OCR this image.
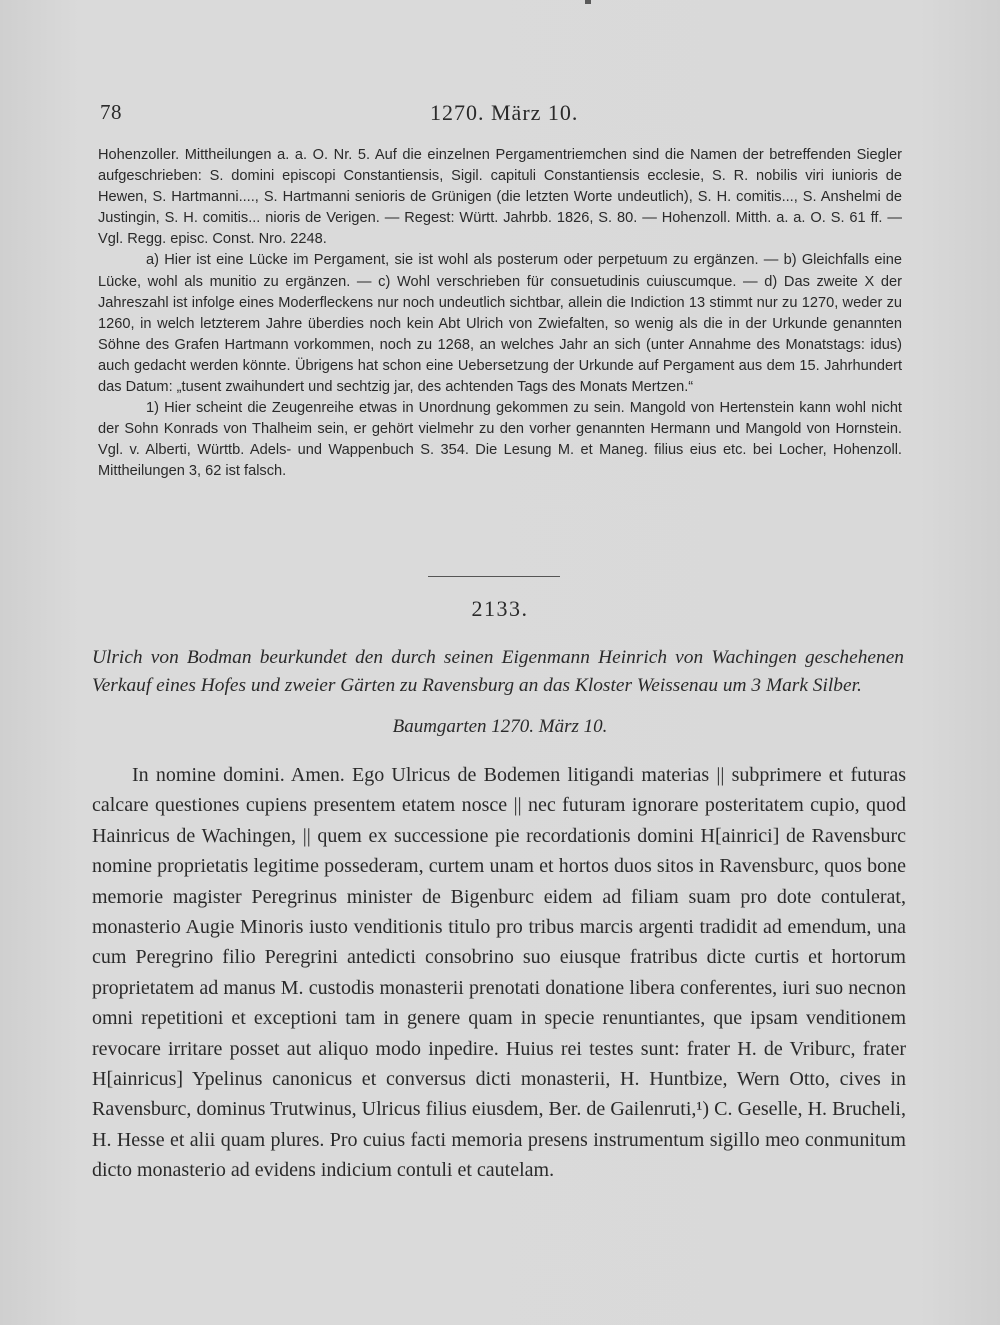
78	1270. März 10.

Hohenzoller. Mittheilungen a. a. O. Nr. 5. Auf die einzelnen Pergamentriemchen sind die Namen der betreffenden Siegler aufgeschrieben: S. domini episcopi Constantiensis, Sigil. capituli Constantiensis ecclesie, S. R. nobilis viri iunioris de Hewen, S. Hartmanni...., S. Hartmanni senioris de Grünigen (die letzten Worte undeutlich), S. H. comitis..., S. Anshelmi de Justingin, S. H. comitis... nioris de Verigen. — Regest: Württ. Jahrbb. 1826, S. 80. — Hohenzoll. Mitth. a. a. O. S. 61 ff. — Vgl. Regg. episc. Const. Nro. 2248.

a) Hier ist eine Lücke im Pergament, sie ist wohl als posterum oder perpetuum zu ergänzen. — b) Gleichfalls eine Lücke, wohl als munitio zu ergänzen. — c) Wohl verschrieben für consuetudinis cuiuscumque. — d) Das zweite X der Jahreszahl ist infolge eines Moderfleckens nur noch undeutlich sichtbar, allein die Indiction 13 stimmt nur zu 1270, weder zu 1260, in welch letzterem Jahre überdies noch kein Abt Ulrich von Zwiefalten, so wenig als die in der Urkunde genannten Söhne des Grafen Hartmann vorkommen, noch zu 1268, an welches Jahr an sich (unter Annahme des Monatstags: idus) auch gedacht werden könnte. Übrigens hat schon eine Uebersetzung der Urkunde auf Pergament aus dem 15. Jahrhundert das Datum: „tusent zwaihundert und sechtzig jar, des achtenden Tags des Monats Mertzen.“

1) Hier scheint die Zeugenreihe etwas in Unordnung gekommen zu sein. Mangold von Hertenstein kann wohl nicht der Sohn Konrads von Thalheim sein, er gehört vielmehr zu den vorher genannten Hermann und Mangold von Hornstein. Vgl. v. Alberti, Württb. Adels- und Wappenbuch S. 354. Die Lesung M. et Maneg. filius eius etc. bei Locher, Hohenzoll. Mittheilungen 3, 62 ist falsch.

2133.
Ulrich von Bodman beurkundet den durch seinen Eigenmann Heinrich von Wachingen geschehenen Verkauf eines Hofes und zweier Gärten zu Ravensburg an das Kloster Weissenau um 3 Mark Silber.
Baumgarten 1270. März 10.

In nomine domini. Amen. Ego Ulricus de Bodemen litigandi materias || subprimere et futuras calcare questiones cupiens presentem etatem nosce || nec futuram ignorare posteritatem cupio, quod Hainricus de Wachingen, || quem ex successione pie recordationis domini H[ainrici] de Ravensburc nomine proprietatis legitime possederam, curtem unam et hortos duos sitos in Ravensburc, quos bone memorie magister Peregrinus minister de Bigenburc eidem ad filiam suam pro dote contulerat, monasterio Augie Minoris iusto venditionis titulo pro tribus marcis argenti tradidit ad emendum, una cum Peregrino filio Peregrini antedicti consobrino suo eiusque fratribus dicte curtis et hortorum proprietatem ad manus M. custodis monasterii prenotati donatione libera conferentes, iuri suo necnon omni repetitioni et exceptioni tam in genere quam in specie renuntiantes, que ipsam venditionem revocare irritare posset aut aliquo modo inpedire. Huius rei testes sunt: frater H. de Vriburc, frater H[ainricus] Ypelinus canonicus et conversus dicti monasterii, H. Huntbize, Wern Otto, cives in Ravensburc, dominus Trutwinus, Ulricus filius eiusdem, Ber. de Gailenruti,¹) C. Geselle, H. Brucheli, H. Hesse et alii quam plures. Pro cuius facti memoria presens instrumentum sigillo meo conmunitum dicto monasterio ad evidens indicium contuli et cautelam.
